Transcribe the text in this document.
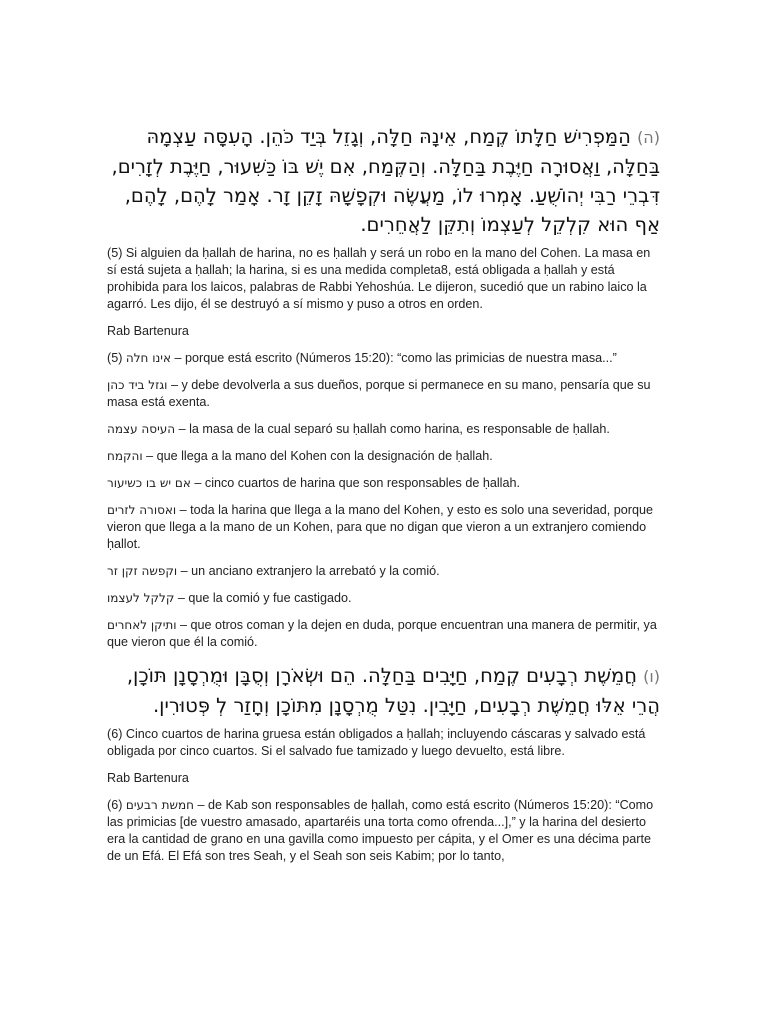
(ה) הַמַּפְרִישׁ חַלָּתוֹ קֶמַח, אֵינָהּ חַלָּה, וְגָזֵל בְּיַד כֹּהֵן. הָעִסָּה עַצְמָהּ בַּחַלָּה, וַאֲסוּרָה חַיֶּבֶת בַּחַלָּה. וְהַקֶּמַח, אִם יֶשׁ בּוֹ כַּשִּׁעוּר, חַיֶּבֶת לְזָרִים, דִּבְרֵי רַבִּי יְהוֹשֻׁעַ. אָמְרוּ לוֹ, מַעֲשֶׂה וּקְפָשָׁהּ זָקֵן זָר. אָמַר לָהֶם, לָהֶם, אַף הוּא קִלְקֵל לְעַצְמוֹ וְתִקֵּן לַאֲחֵרִים.

(5) Si alguien da ḥallah de harina, no es ḥallah y será un robo en la mano del Cohen. La masa en sí está sujeta a ḥallah; la harina, si es una medida completa8, está obligada a ḥallah y está prohibida para los laicos, palabras de Rabbi Yehoshúa. Le dijeron, sucedió que un rabino laico la agarró. Les dijo, él se destruyó a sí mismo y puso a otros en orden.

Rab Bartenura

(5) אינו חלה – porque está escrito (Números 15:20): “como las primicias de nuestra masa...”

וגזל ביד כהן – y debe devolverla a sus dueños, porque si permanece en su mano, pensaría que su masa está exenta.

העיסה עצמה – la masa de la cual separó su ḥallah como harina, es responsable de ḥallah.

והקמח – que llega a la mano del Kohen con la designación de ḥallah.

אם יש בו כשיעור – cinco cuartos de harina que son responsables de ḥallah.

ואסורה לזרים – toda la harina que llega a la mano del Kohen, y esto es solo una severidad, porque vieron que llega a la mano de un Kohen, para que no digan que vieron a un extranjero comiendo ḥallot.

וקפשה זקן זר – un anciano extranjero la arrebató y la comió.

קלקל לעצמו – que la comió y fue castigado.

ותיקן לאחרים – que otros coman y la dejen en duda, porque encuentran una manera de permitir, ya que vieron que él la comió.

(ו) חֲמֵשֶׁת רְבָעִים קֶמַח, חַיָּבִים בַּחַלָּה. הֵם וּשְׂאֹרָן וְסֻבָּן וּמֻרְסָנָן תּוֹכָן, הֲרֵי אֵלּוּ חֲמֵשֶׁת רְבָעִים, חַיָּבִין. נִטַּל מֻרְסָנָן מִתּוֹכָן וְחָזַר לְ פְּטוּרִין.

(6) Cinco cuartos de harina gruesa están obligados a ḥallah; incluyendo cáscaras y salvado está obligada por cinco cuartos. Si el salvado fue tamizado y luego devuelto, está libre.

Rab Bartenura

(6) חמשת רבעים – de Kab son responsables de ḥallah, como está escrito (Números 15:20): “Como las primicias [de vuestro amasado, apartaréis una torta como ofrenda...],” y la harina del desierto era la cantidad de grano en una gavilla como impuesto per cápita, y el Omer es una décima parte de un Efá. El Efá son tres Seah, y el Seah son seis Kabim; por lo tanto,
